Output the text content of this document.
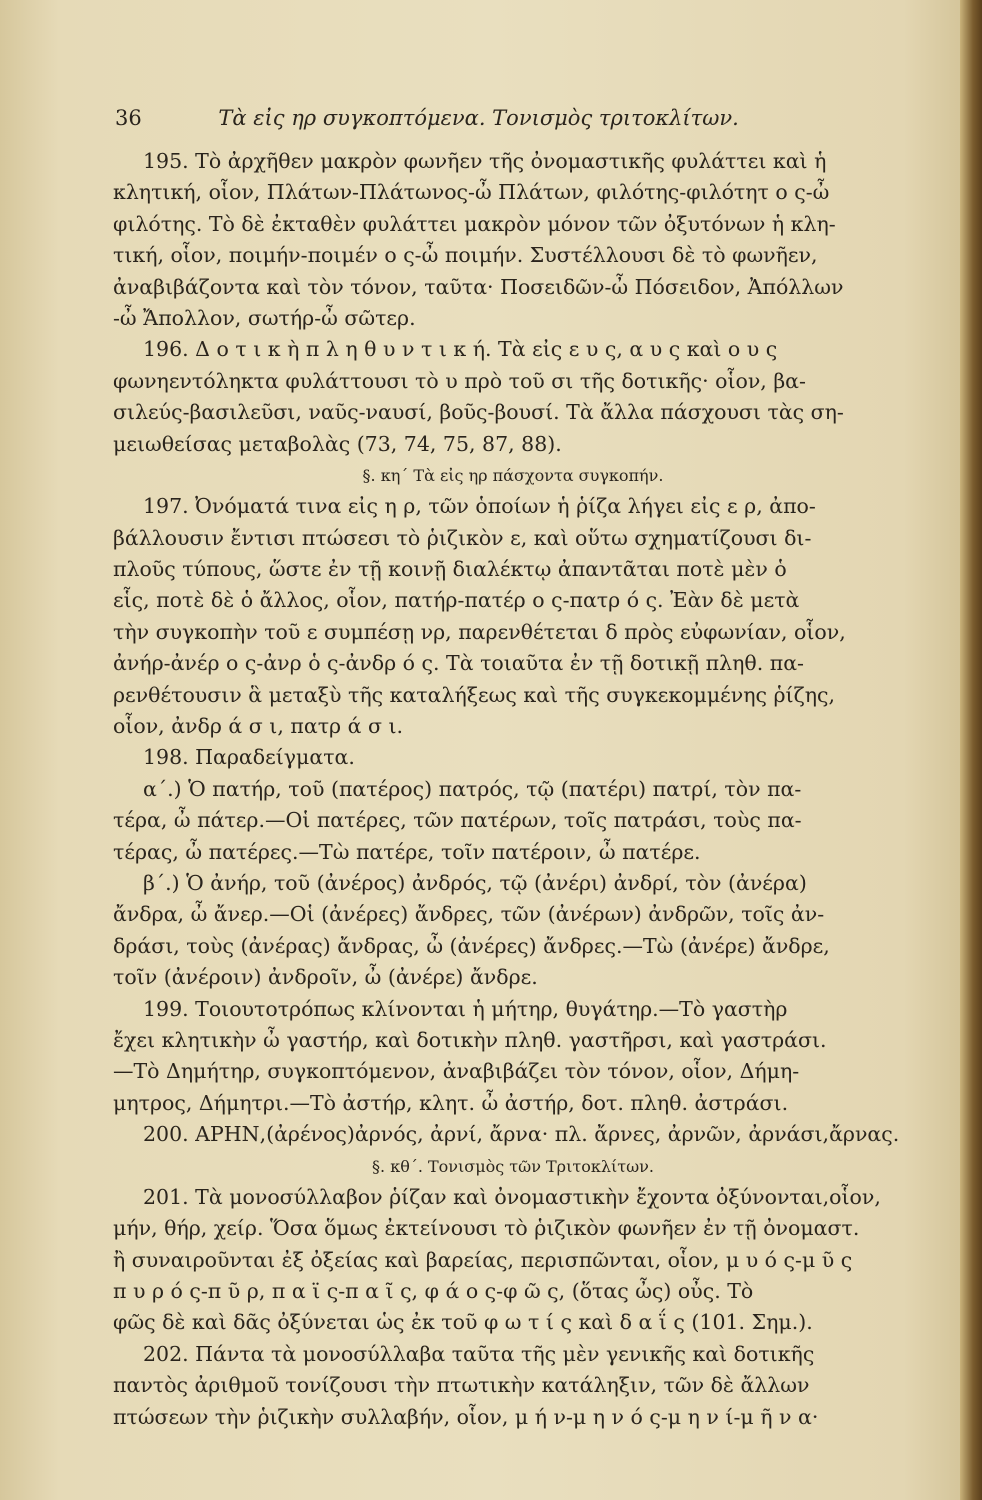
36	Τὰ εἰς ηρ συγκοπτόμενα. Τονισμὸς τριτοκλίτων.
195. Τὸ ἀρχῆθεν μακρὸν φωνῆεν τῆς ὀνομαστικῆς φυλάττει καὶ ἡ
κλητική, οἷον, Πλάτων-Πλάτωνος-ὦ Πλάτων, φιλότης-φιλότητ ο ς-ὦ
φιλότης. Τὸ δὲ ἐκταθὲν φυλάττει μακρὸν μόνον τῶν ὀξυτόνων ἡ κλη-
τική, οἷον, ποιμήν-ποιμέν ο ς-ὦ ποιμήν. Συστέλλουσι δὲ τὸ φωνῆεν,
ἀναβιβάζοντα καὶ τὸν τόνον, ταῦτα· Ποσειδῶν-ὦ Πόσειδον, Ἀπόλλων
-ὦ Ἄπολλον, σωτήρ-ὦ σῶτερ.
196. Δ ο τ ι κ ὴ π λ η θ υ ν τ ι κ ή. Τὰ εἰς ε υ ς, α υ ς καὶ ο υ ς
φωνηεντόληκτα φυλάττουσι τὸ υ πρὸ τοῦ σι τῆς δοτικῆς· οἷον, βα-
σιλεύς-βασιλεῦσι, ναῦς-ναυσί, βοῦς-βουσί. Τὰ ἄλλα πάσχουσι τὰς ση-
μειωθείσας μεταβολὰς (73, 74, 75, 87, 88).
§. κη΄ Τὰ εἰς ηρ πάσχοντα συγκοπήν.
197. Ὀνόματά τινα εἰς η ρ, τῶν ὁποίων ἡ ῥίζα λήγει εἰς ε ρ, ἀπο-
βάλλουσιν ἔντισι πτώσεσι τὸ ῥιζικὸν ε, καὶ οὕτω σχηματίζουσι δι-
πλοῦς τύπους, ὥστε ἐν τῇ κοινῇ διαλέκτῳ ἀπαντᾶται ποτὲ μὲν ὁ
εἷς, ποτὲ δὲ ὁ ἄλλος, οἷον, πατήρ-πατέρ ο ς-πατρ ό ς. Ἐὰν δὲ μετὰ
τὴν συγκοπὴν τοῦ ε συμπέσῃ νρ, παρενθέτεται δ πρὸς εὐφωνίαν, οἷον,
ἀνήρ-ἀνέρ ο ς-ἀνρ ὁ ς-ἀνδρ ό ς. Τὰ τοιαῦτα ἐν τῇ δοτικῇ πληθ. πα-
ρενθέτουσιν ἃ μεταξὺ τῆς καταλήξεως καὶ τῆς συγκεκομμένης ῥίζης,
οἷον, ἀνδρ ά σ ι, πατρ ά σ ι.
198. Παραδείγματα.
α΄.) Ὁ πατήρ, τοῦ (πατέρος) πατρός, τῷ (πατέρι) πατρί, τὸν πα-
τέρα, ὦ πάτερ.—Οἱ πατέρες, τῶν πατέρων, τοῖς πατράσι, τοὺς πα-
τέρας, ὦ πατέρες.—Τὼ πατέρε, τοῖν πατέροιν, ὦ πατέρε.
β΄.) Ὁ ἀνήρ, τοῦ (ἀνέρος) ἀνδρός, τῷ (ἀνέρι) ἀνδρί, τὸν (ἀνέρα)
ἄνδρα, ὦ ἄνερ.—Οἱ (ἀνέρες) ἄνδρες, τῶν (ἀνέρων) ἀνδρῶν, τοῖς ἀν-
δράσι, τοὺς (ἀνέρας) ἄνδρας, ὦ (ἀνέρες) ἄνδρες.—Τὼ (ἀνέρε) ἄνδρε,
τοῖν (ἀνέροιν) ἀνδροῖν, ὦ (ἀνέρε) ἄνδρε.
199. Τοιουτοτρόπως κλίνονται ἡ μήτηρ, θυγάτηρ.—Τὸ γαστὴρ
ἔχει κλητικὴν ὦ γαστήρ, καὶ δοτικὴν πληθ. γαστῆρσι, καὶ γαστράσι.
—Τὸ Δημήτηρ, συγκοπτόμενον, ἀναβιβάζει τὸν τόνον, οἷον, Δήμη-
μητρος, Δήμητρι.—Τὸ ἀστήρ, κλητ. ὦ ἀστήρ, δοτ. πληθ. ἀστράσι.
200. ΑΡΗΝ,(ἀρένος)ἀρνός, ἀρνί, ἄρνα· πλ. ἄρνες, ἀρνῶν, ἀρνάσι,ἄρνας.
§. κθ΄. Τονισμὸς τῶν Τριτοκλίτων.
201. Τὰ μονοσύλλαβον ῥίζαν καὶ ὀνομαστικὴν ἔχοντα ὀξύνονται,οἷον,
μήν, θήρ, χείρ. Ὅσα ὅμως ἐκτείνουσι τὸ ῥιζικὸν φωνῆεν ἐν τῇ ὀνομαστ.
ἢ συναιροῦνται ἐξ ὀξείας καὶ βαρείας, περισπῶνται, οἷον, μ υ ό ς-μ ῦ ς
π υ ρ ό ς-π ῦ ρ, π α ϊ ς-π α ῖ ς, φ ά ο ς-φ ῶ ς, (ὅτας ὦς) οὖς. Τὸ
φῶς δὲ καὶ δᾶς ὀξύνεται ὡς ἐκ τοῦ φ ω τ ί ς καὶ δ α ΐ ς (101. Σημ.).
202. Πάντα τὰ μονοσύλλαβα ταῦτα τῆς μὲν γενικῆς καὶ δοτικῆς
παντὸς ἀριθμοῦ τονίζουσι τὴν πτωτικὴν κατάληξιν, τῶν δὲ ἄλλων
πτώσεων τὴν ῥιζικὴν συλλαβήν, οἷον, μ ή ν-μ η ν ό ς-μ η ν ί-μ ῆ ν α·
